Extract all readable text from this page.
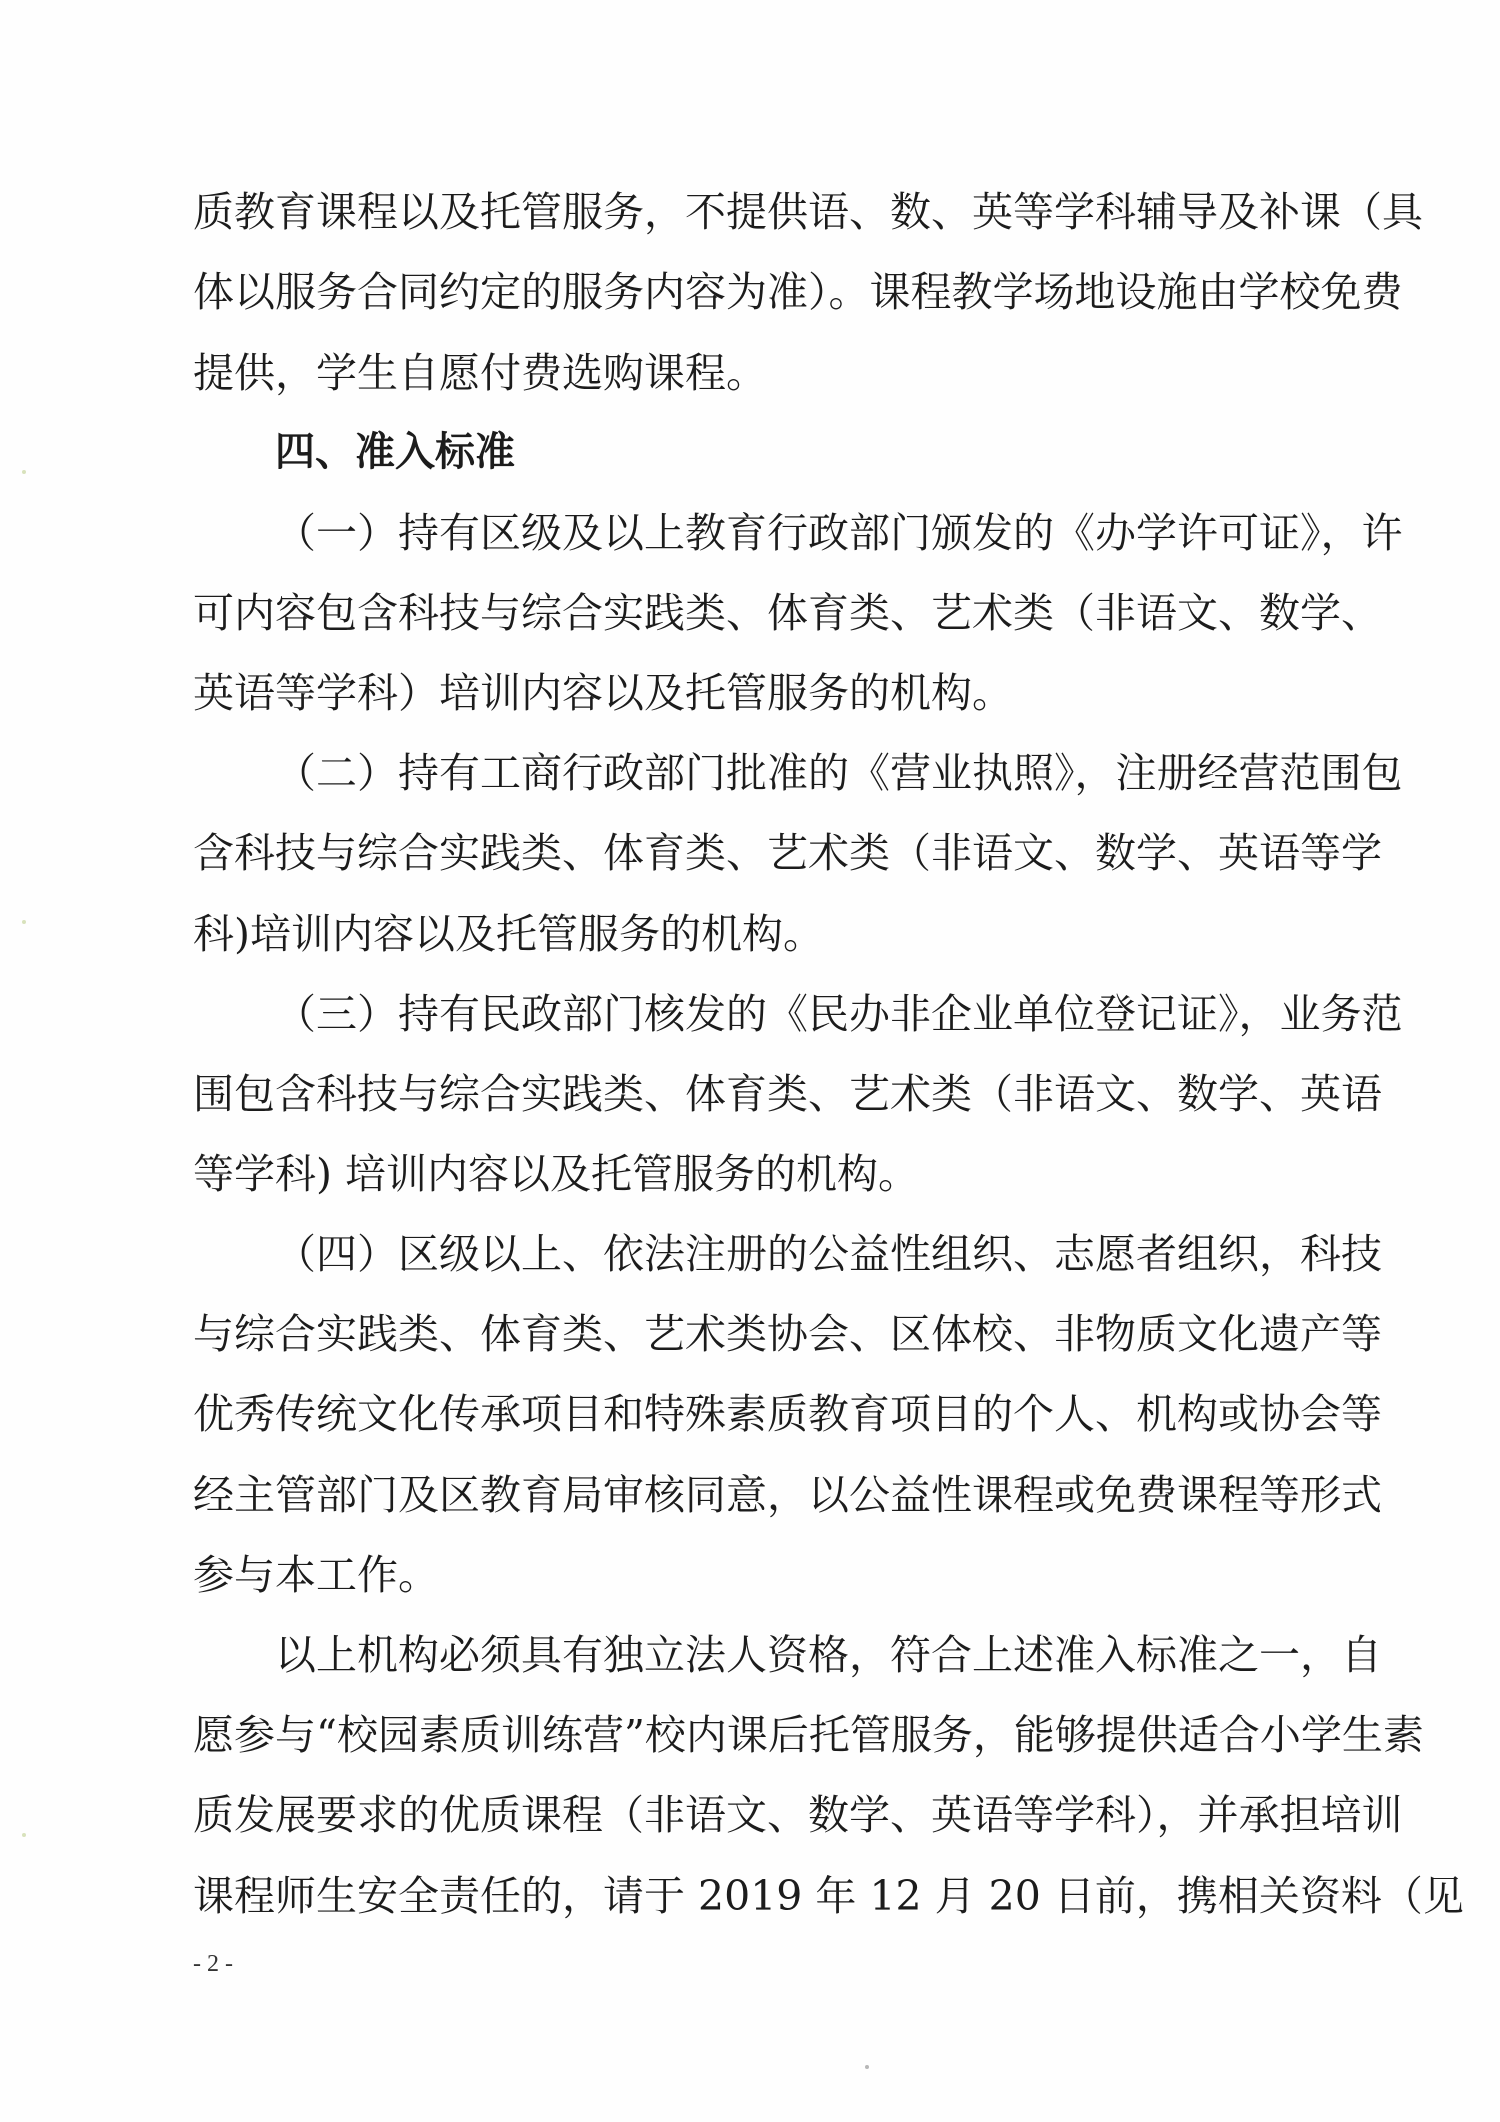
质教育课程以及托管服务，不提供语、数、英等学科辅导及补课（具
体以服务合同约定的服务内容为准）。课程教学场地设施由学校免费
提供，学生自愿付费选购课程。
四、准入标准
（一）持有区级及以上教育行政部门颁发的《办学许可证》，许
可内容包含科技与综合实践类、体育类、艺术类（非语文、数学、
英语等学科）培训内容以及托管服务的机构。
（二）持有工商行政部门批准的《营业执照》，注册经营范围包
含科技与综合实践类、体育类、艺术类（非语文、数学、英语等学
科)培训内容以及托管服务的机构。
（三）持有民政部门核发的《民办非企业单位登记证》，业务范
围包含科技与综合实践类、体育类、艺术类（非语文、数学、英语
等学科) 培训内容以及托管服务的机构。
（四）区级以上、依法注册的公益性组织、志愿者组织，科技
与综合实践类、体育类、艺术类协会、区体校、非物质文化遗产等
优秀传统文化传承项目和特殊素质教育项目的个人、机构或协会等
经主管部门及区教育局审核同意，以公益性课程或免费课程等形式
参与本工作。
以上机构必须具有独立法人资格，符合上述准入标准之一，自
愿参与“校园素质训练营”校内课后托管服务，能够提供适合小学生素
质发展要求的优质课程（非语文、数学、英语等学科），并承担培训
课程师生安全责任的，请于 2019 年 12 月 20 日前，携相关资料（见
- 2 -
